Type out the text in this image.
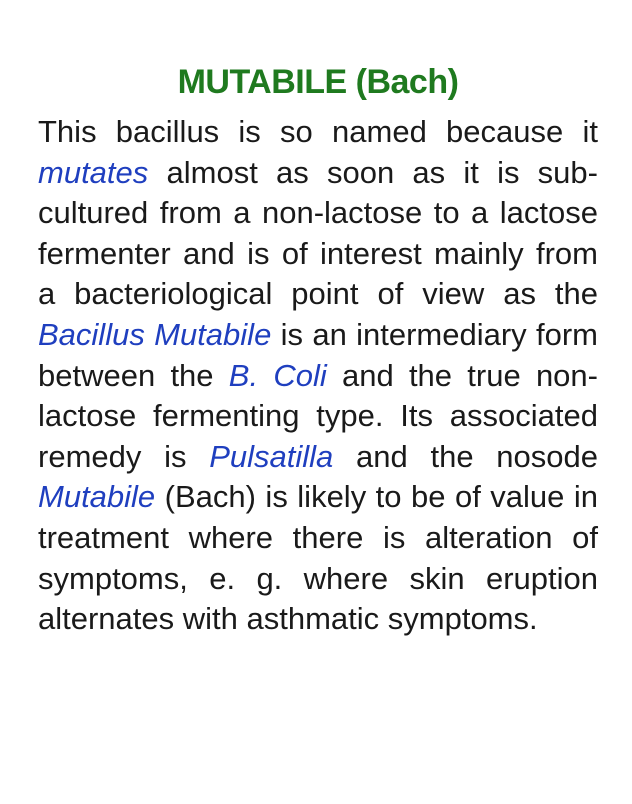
MUTABILE (Bach)

This bacillus is so named because it mutates almost as soon as it is sub-cultured from a non-lactose to a lactose fermenter and is of interest mainly from a bacteriological point of view as the Bacillus Mutabile is an intermediary form between the B. Coli and the true non-lactose fermenting type. Its associated remedy is Pulsatilla and the nosode Mutabile (Bach) is likely to be of value in treatment where there is alteration of symptoms, e. g. where skin eruption alternates with asthmatic symptoms.
